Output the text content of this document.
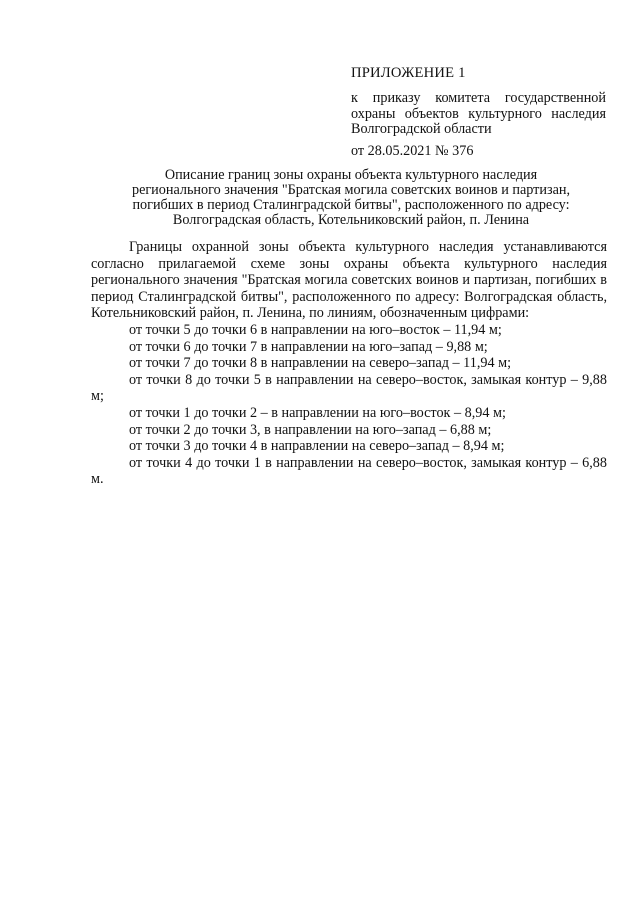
ПРИЛОЖЕНИЕ 1
к приказу комитета государственной охраны объектов культурного наследия Волгоградской области
от 28.05.2021 № 376
Описание границ зоны охраны объекта культурного наследия
регионального значения "Братская могила советских воинов и партизан,
погибших в период Сталинградской битвы", расположенного по адресу:
Волгоградская область, Котельниковский район, п. Ленина

Границы охранной зоны объекта культурного наследия устанавливаются согласно прилагаемой схеме зоны охраны объекта культурного наследия регионального значения "Братская могила советских воинов и партизан, погибших в период Сталинградской битвы", расположенного по адресу: Волгоградская область, Котельниковский район, п. Ленина, по линиям, обозначенным цифрами:

от точки 5 до точки 6 в направлении на юго–восток – 11,94 м;
от точки 6 до точки 7 в направлении на юго–запад – 9,88 м;
от точки 7 до точки 8 в направлении на северо–запад – 11,94 м;
от точки 8 до точки 5 в направлении на северо–восток, замыкая контур – 9,88 м;
от точки 1 до точки 2 – в направлении на юго–восток – 8,94 м;
от точки 2 до точки 3, в направлении на юго–запад – 6,88 м;
от точки 3 до точки 4 в направлении на северо–запад – 8,94 м;
от точки 4 до точки 1 в направлении на северо–восток, замыкая контур – 6,88 м.
